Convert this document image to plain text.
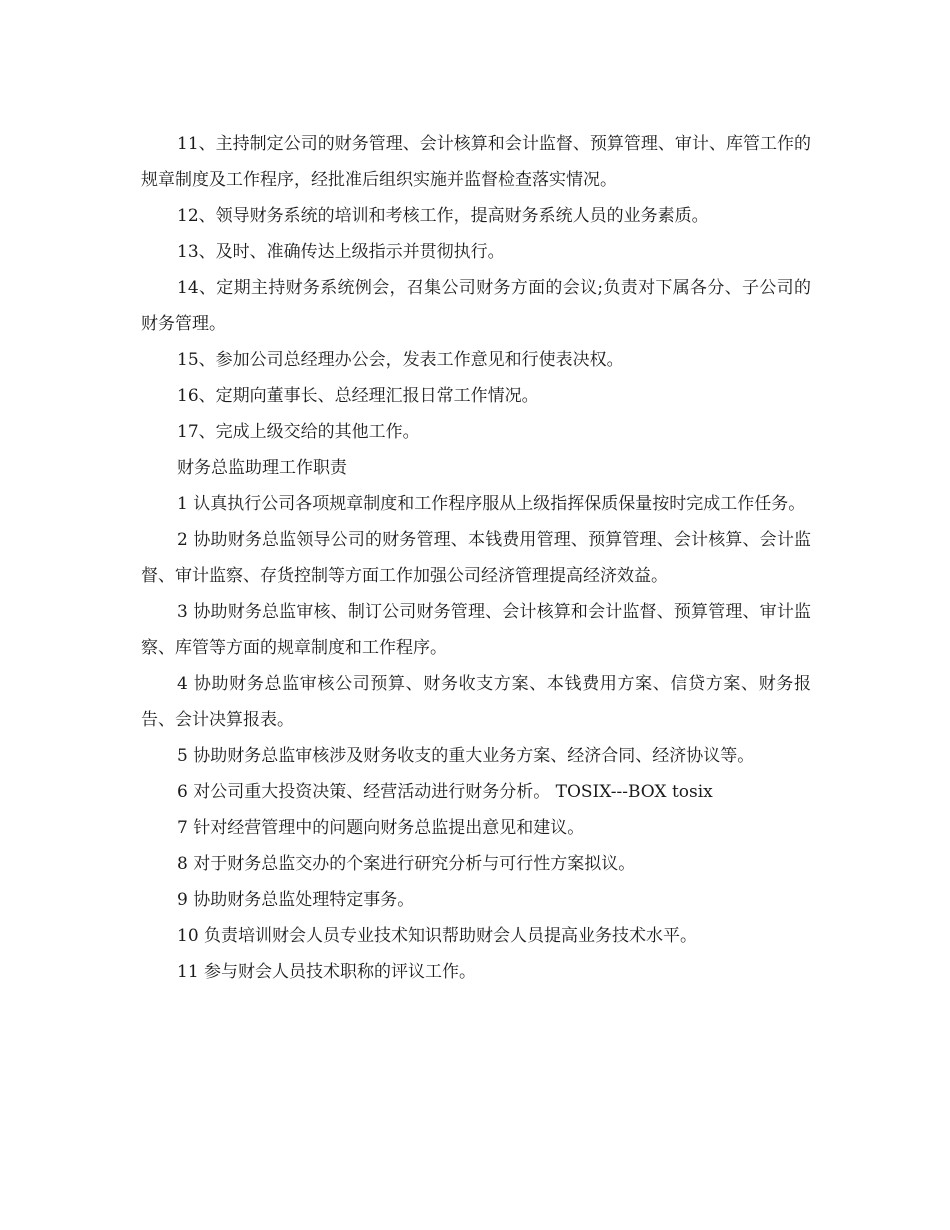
11、主持制定公司的财务管理、会计核算和会计监督、预算管理、审计、库管工作的规章制度及工作程序，经批准后组织实施并监督检查落实情况。

12、领导财务系统的培训和考核工作，提高财务系统人员的业务素质。

13、及时、准确传达上级指示并贯彻执行。

14、定期主持财务系统例会，召集公司财务方面的会议;负责对下属各分、子公司的财务管理。

15、参加公司总经理办公会，发表工作意见和行使表决权。

16、定期向董事长、总经理汇报日常工作情况。

17、完成上级交给的其他工作。

财务总监助理工作职责

1 认真执行公司各项规章制度和工作程序服从上级指挥保质保量按时完成工作任务。

2 协助财务总监领导公司的财务管理、本钱费用管理、预算管理、会计核算、会计监督、审计监察、存货控制等方面工作加强公司经济管理提高经济效益。

3 协助财务总监审核、制订公司财务管理、会计核算和会计监督、预算管理、审计监察、库管等方面的规章制度和工作程序。

4 协助财务总监审核公司预算、财务收支方案、本钱费用方案、信贷方案、财务报告、会计决算报表。

5 协助财务总监审核涉及财务收支的重大业务方案、经济合同、经济协议等。

6 对公司重大投资决策、经营活动进行财务分析。 TOSIX---BOX tosix

7 针对经营管理中的问题向财务总监提出意见和建议。

8 对于财务总监交办的个案进行研究分析与可行性方案拟议。

9 协助财务总监处理特定事务。

10 负责培训财会人员专业技术知识帮助财会人员提高业务技术水平。

11 参与财会人员技术职称的评议工作。
